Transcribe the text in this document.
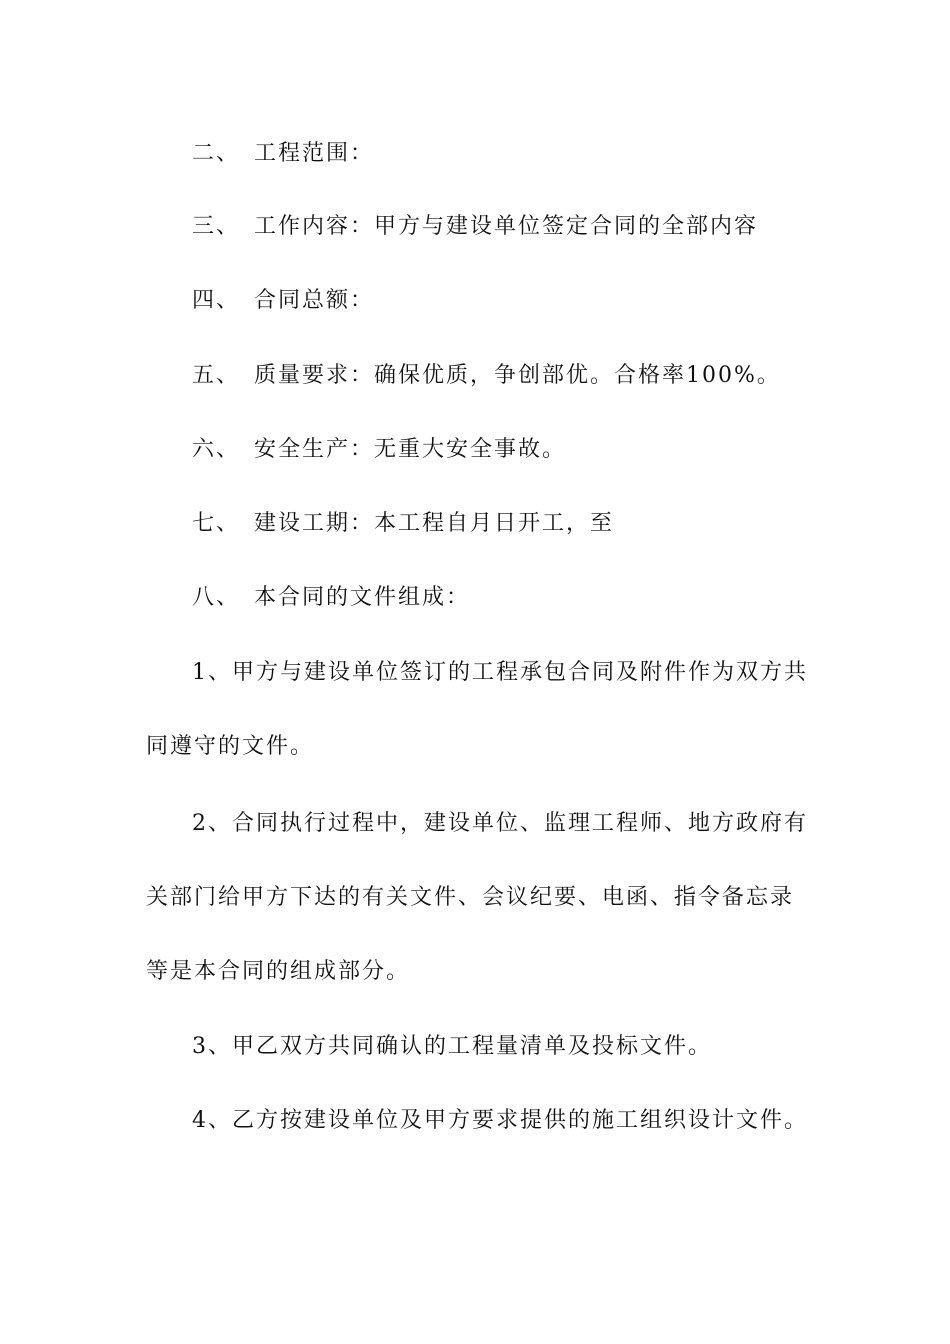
二、 工程范围：
三、 工作内容：甲方与建设单位签定合同的全部内容
四、 合同总额：
五、 质量要求：确保优质，争创部优。合格率100%。
六、 安全生产：无重大安全事故。
七、 建设工期：本工程自月日开工，至
八、 本合同的文件组成：
1、甲方与建设单位签订的工程承包合同及附件作为双方共
同遵守的文件。
2、合同执行过程中，建设单位、监理工程师、地方政府有
关部门给甲方下达的有关文件、会议纪要、电函、指令备忘录
等是本合同的组成部分。
3、甲乙双方共同确认的工程量清单及投标文件。
4、乙方按建设单位及甲方要求提供的施工组织设计文件。
